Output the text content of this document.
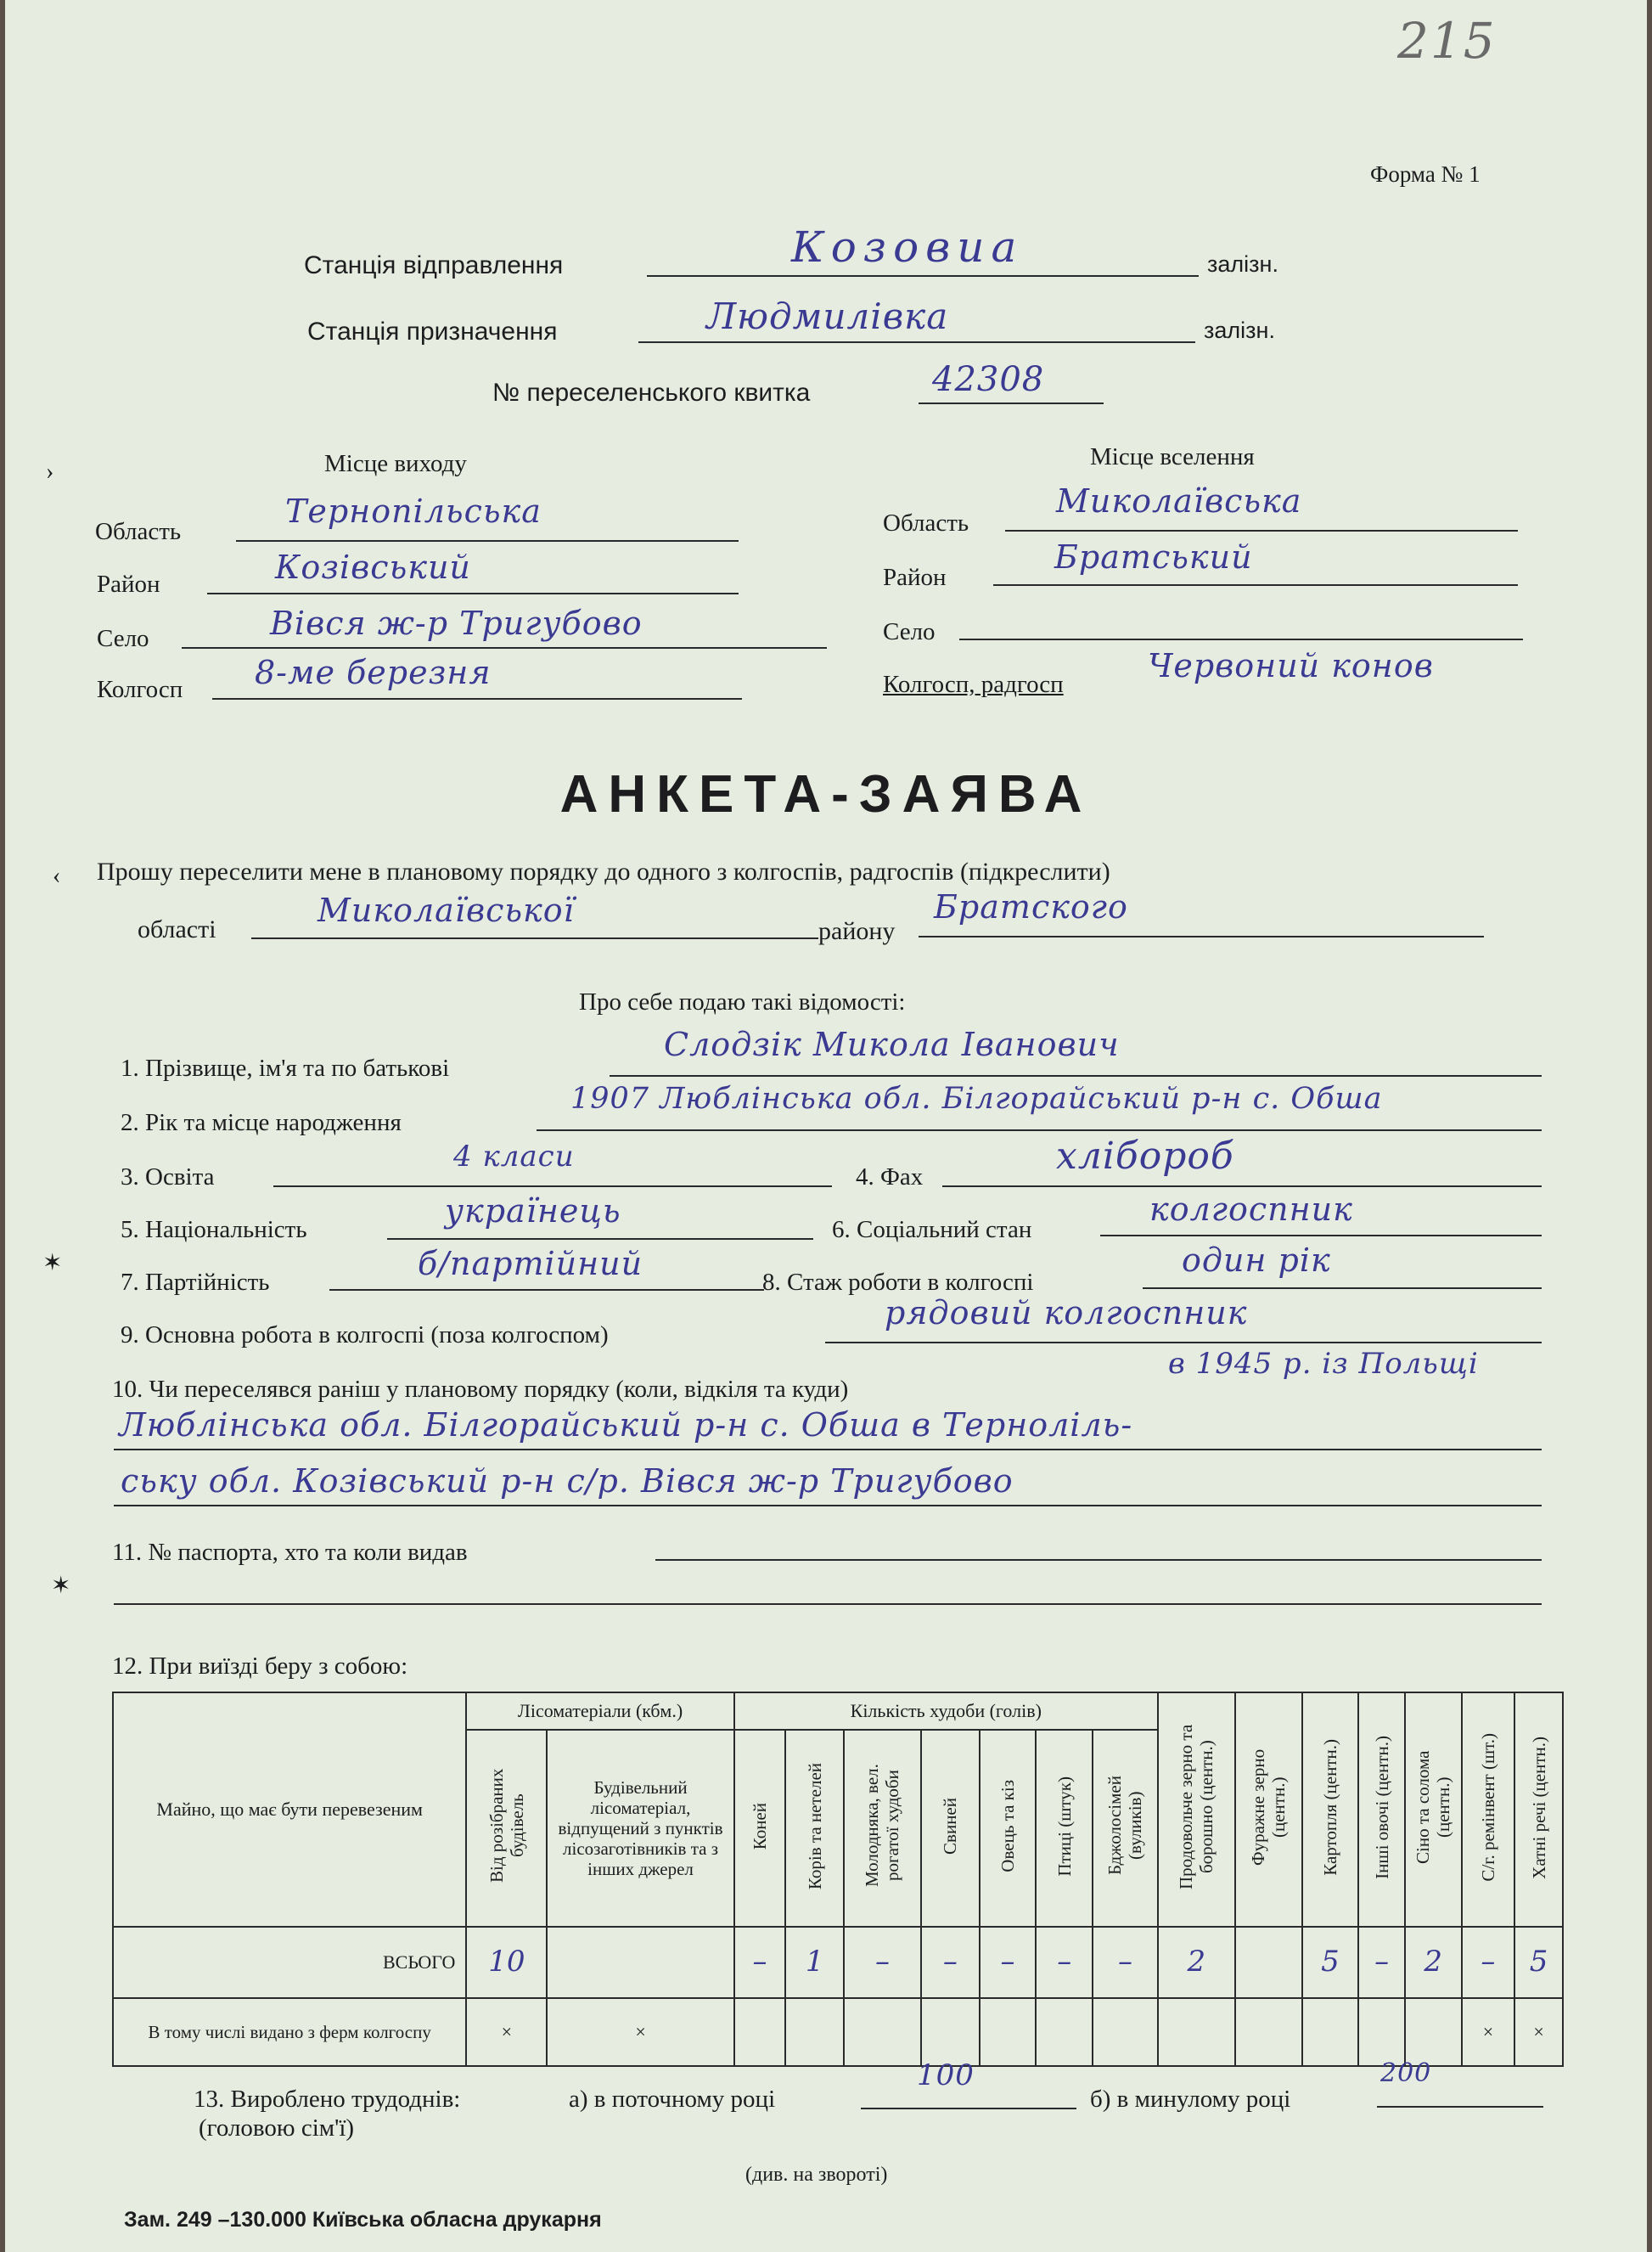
215
Форма № 1
Станція відправлення	Козовиа	залізн.
Станція призначення	Людмилівка	залізн.
№ переселенського квитка	42308
Місце виходу
Область
Тернопільська
Район	Козівський
Село	Вівся ж-р Тригубово
Колгосп 8-ме березня
Місце вселення
Область
Миколаївська
Район
Братський
Село
Колгосп, радгосп	Червоний конов
АНКЕТА-ЗАЯВА
Прошу переселити мене в плановому порядку до одного з колгоспів, радгоспів (підкреслити)
області
Миколаївської
району
Братского
Про себе подаю такі відомості:
1. Прізвище, ім'я та по батькові
Слодзік Микола Іванович
2. Рік та місце народження
1907 Люблінська обл. Білгорайський р-н с. Обша
3. Освіта
4 класи
4. Фах	хлібороб
5. Національність	українець	6. Соціальний стан
колгоспник
7. Партійність	б/партійний	8. Стаж роботи в колгоспі
один рік
9. Основна робота в колгоспі (поза колгоспом)
рядовий колгоспник
10. Чи переселявся раніш у плановому порядку (коли, відкіля та куди)
в 1945 р. із Польщі
Люблінська обл. Білгорайський р-н с. Обша в Терноліль-
ську обл. Козівський р-н с/р. Вівся ж-р Тригубово
11. № паспорта, хто та коли видав
12. При виїзді беру з собою:
Майно, що має бути перевезеним	Лісоматеріали (кбм.)		Кількість худоби (голів)							Продовольче зерно та борошно (центн.)	Фуражне зерно (центн.)	Картопля (центн.)	Інші овочі (центн.)	Сіно та солома (центн.)	С/г. ремінвент (шт.)	Хатні речі (центн.)
	Від розібраних будівель	Будівельний лісоматеріал, відпущений з пунктів лісозаготівників та з інших джерел	Коней	Корів та нетелей	Молодняка, вел. рогатої худоби	Свиней	Овець та кіз	Птиці (штук)	Бджолосімей (вуликів)							
ВСЬОГО	10		–	1	–	–	–	–	–	2		5	–	2	–	5
В тому числі видано з ферм колгоспу	×	×													×	×
13. Вироблено трудоднів:
(головою сім'ї)
а) в поточному році
100
б) в минулому році
200
(див. на звороті)
Зам. 249 –130.000 Київська обласна друкарня
›
‹
✶
✶
